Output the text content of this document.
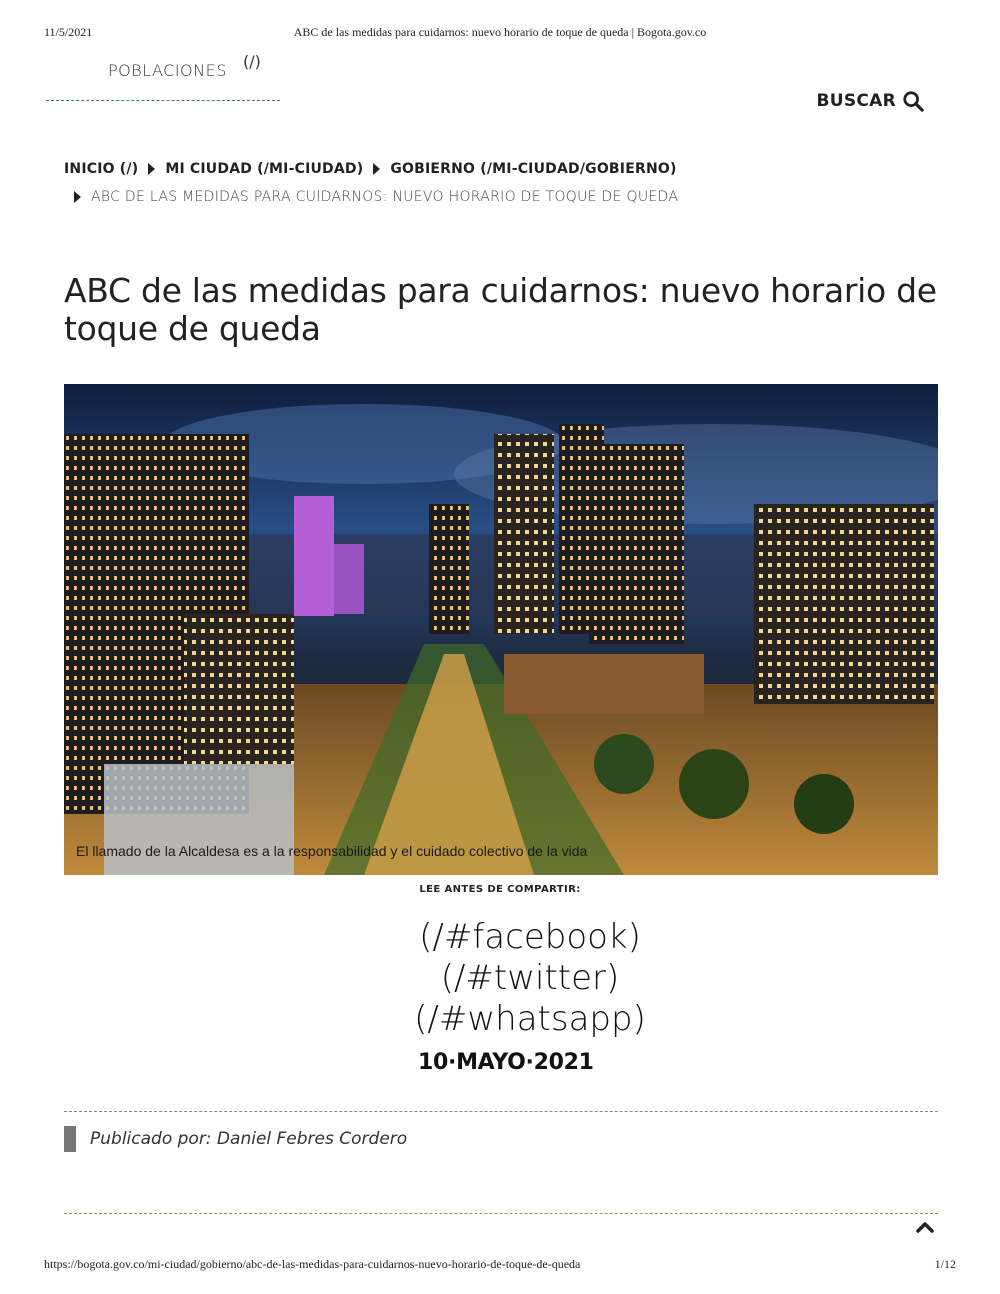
11/5/2021	ABC de las medidas para cuidarnos: nuevo horario de toque de queda | Bogota.gov.co
POBLACIONES (/)
BUSCAR
INICIO (/) MI CIUDAD (/MI-CIUDAD) GOBIERNO (/MI-CIUDAD/GOBIERNO)
ABC DE LAS MEDIDAS PARA CUIDARNOS: NUEVO HORARIO DE TOQUE DE QUEDA
ABC de las medidas para cuidarnos: nuevo horario de toque de queda
El llamado de la Alcaldesa es a la responsabilidad y el cuidado colectivo de la vida
LEE ANTES DE COMPARTIR:
(/#facebook)
(/#twitter)
(/#whatsapp)
10·MAYO·2021
Publicado por: Daniel Febres Cordero
https://bogota.gov.co/mi-ciudad/gobierno/abc-de-las-medidas-para-cuidarnos-nuevo-horario-de-toque-de-queda	1/12
